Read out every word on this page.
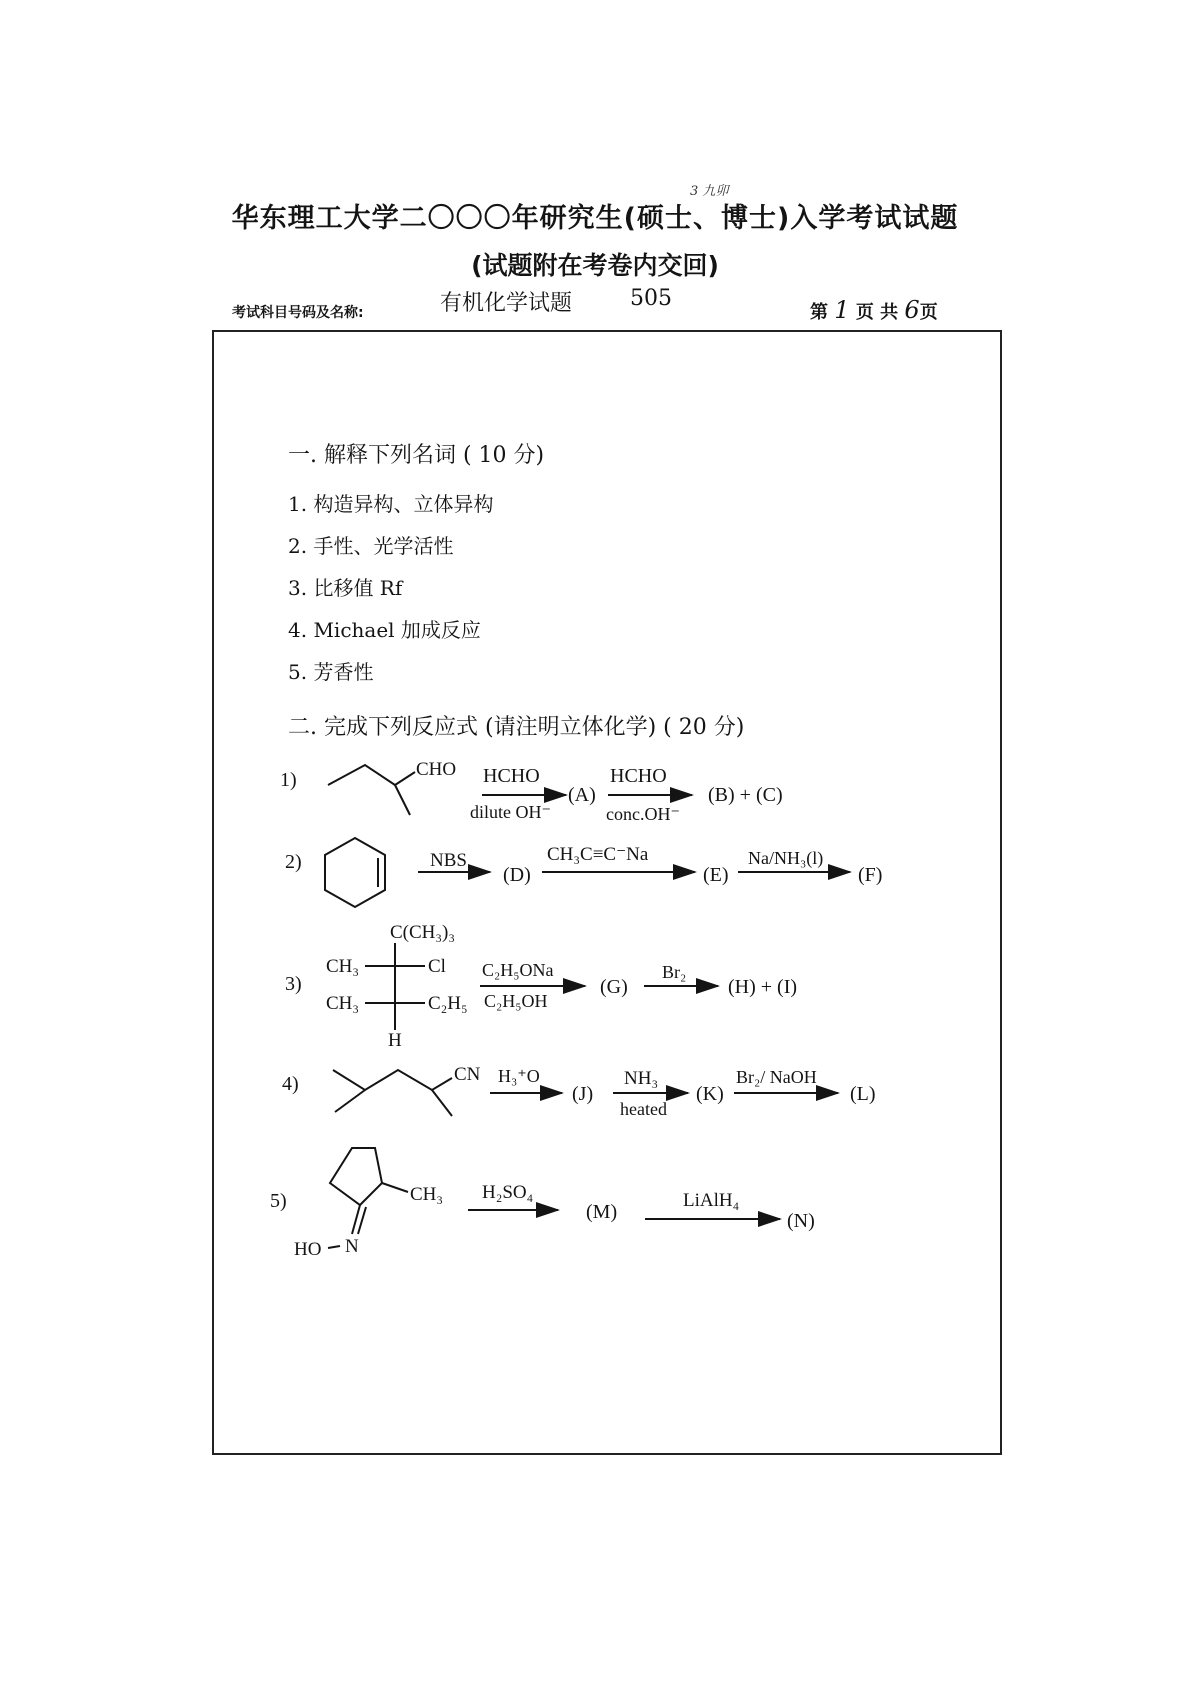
3 九卯
华东理工大学二〇〇〇年研究生(硕士、博士)入学考试试题
(试题附在考卷内交回)
考试科目号码及名称:	有机化学试题	505
第 1 页 共 6页
一. 解释下列名词 ( 10 分)
1. 构造异构、立体异构
2. 手性、光学活性
3. 比移值 Rf
4. Michael 加成反应
5. 芳香性
二. 完成下列反应式 (请注明立体化学) ( 20 分)
1)	CHO HCHO
dilute OH⁻
(A)
HCHO
conc.OH⁻
(B) + (C)
2)	NBS
(D)
CH₃C≡C⁻Na
(E)
Na/NH₃(l)
(F)
C(CH₃)₃
3)
CH₃	Cl
CH₃	C₂H₅
H
C₂H₅ONa
C₂H₅OH
(G)
Br₂
(H) + (I)
4)	CN H₃⁺O
(J)
NH₃
heated
(K)
Br₂/ NaOH
(L)
5)	CH₃
N
HO
H₂SO₄
(M)
LiAlH₄
(N)
